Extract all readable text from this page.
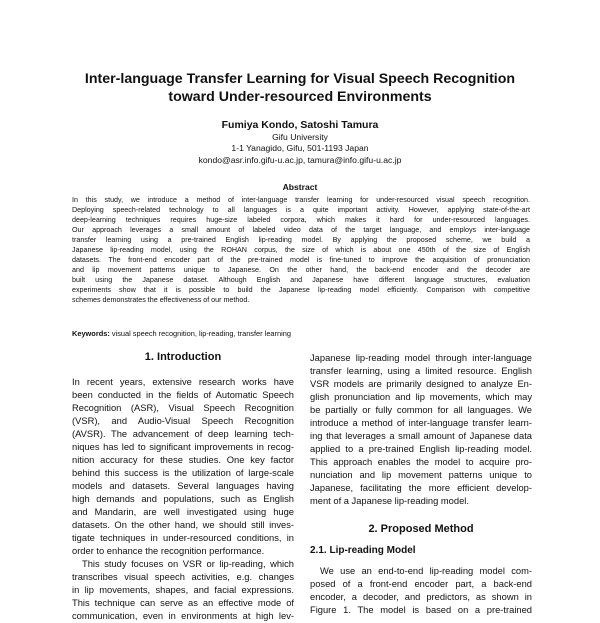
Inter-language Transfer Learning for Visual Speech Recognition
toward Under-resourced Environments
Fumiya Kondo, Satoshi Tamura
Gifu University
1-1 Yanagido, Gifu, 501-1193 Japan
kondo@asr.info.gifu-u.ac.jp, tamura@info.gifu-u.ac.jp
Abstract
In this study, we introduce a method of inter-language transfer learning for under-resourced visual speech recognition.
Deploying speech-related technology to all languages is a quite important activity. However, applying state-of-the-art
deep-learning techniques requires huge-size labeled corpora, which makes it hard for under-resourced languages.
Our approach leverages a small amount of labeled video data of the target language, and employs inter-language
transfer learning using a pre-trained English lip-reading model. By applying the proposed scheme, we build a
Japanese lip-reading model, using the ROHAN corpus, the size of which is about one 450th of the size of English
datasets. The front-end encoder part of the pre-trained model is fine-tuned to improve the acquisition of pronunciation
and lip movement patterns unique to Japanese. On the other hand, the back-end encoder and the decoder are
built using the Japanese dataset. Although English and Japanese have different language structures, evaluation
experiments show that it is possible to build the Japanese lip-reading model efficiently. Comparison with competitive
schemes demonstrates the effectiveness of our method.
Keywords: visual speech recognition, lip-reading, transfer learning
1. Introduction
In recent years, extensive research works have
been conducted in the fields of Automatic Speech
Recognition (ASR), Visual Speech Recognition
(VSR), and Audio-Visual Speech Recognition
(AVSR). The advancement of deep learning tech-
niques has led to significant improvements in recog-
nition accuracy for these studies. One key factor
behind this success is the utilization of large-scale
models and datasets. Several languages having
high demands and populations, such as English
and Mandarin, are well investigated using huge
datasets. On the other hand, we should still inves-
tigate techniques in under-resourced conditions, in
order to enhance the recognition performance.
This study focuses on VSR or lip-reading, which
transcribes visual speech activities, e.g. changes
in lip movements, shapes, and facial expressions.
This technique can serve as an effective mode of
communication, even in environments at high lev-
Japanese lip-reading model through inter-language
transfer learning, using a limited resource. English
VSR models are primarily designed to analyze En-
glish pronunciation and lip movements, which may
be partially or fully common for all languages. We
introduce a method of inter-language transfer learn-
ing that leverages a small amount of Japanese data
applied to a pre-trained English lip-reading model.
This approach enables the model to acquire pro-
nunciation and lip movement patterns unique to
Japanese, facilitating the more efficient develop-
ment of a Japanese lip-reading model.
2. Proposed Method
2.1. Lip-reading Model
We use an end-to-end lip-reading model com-
posed of a front-end encoder part, a back-end
encoder, a decoder, and predictors, as shown in
Figure 1. The model is based on a pre-trained
